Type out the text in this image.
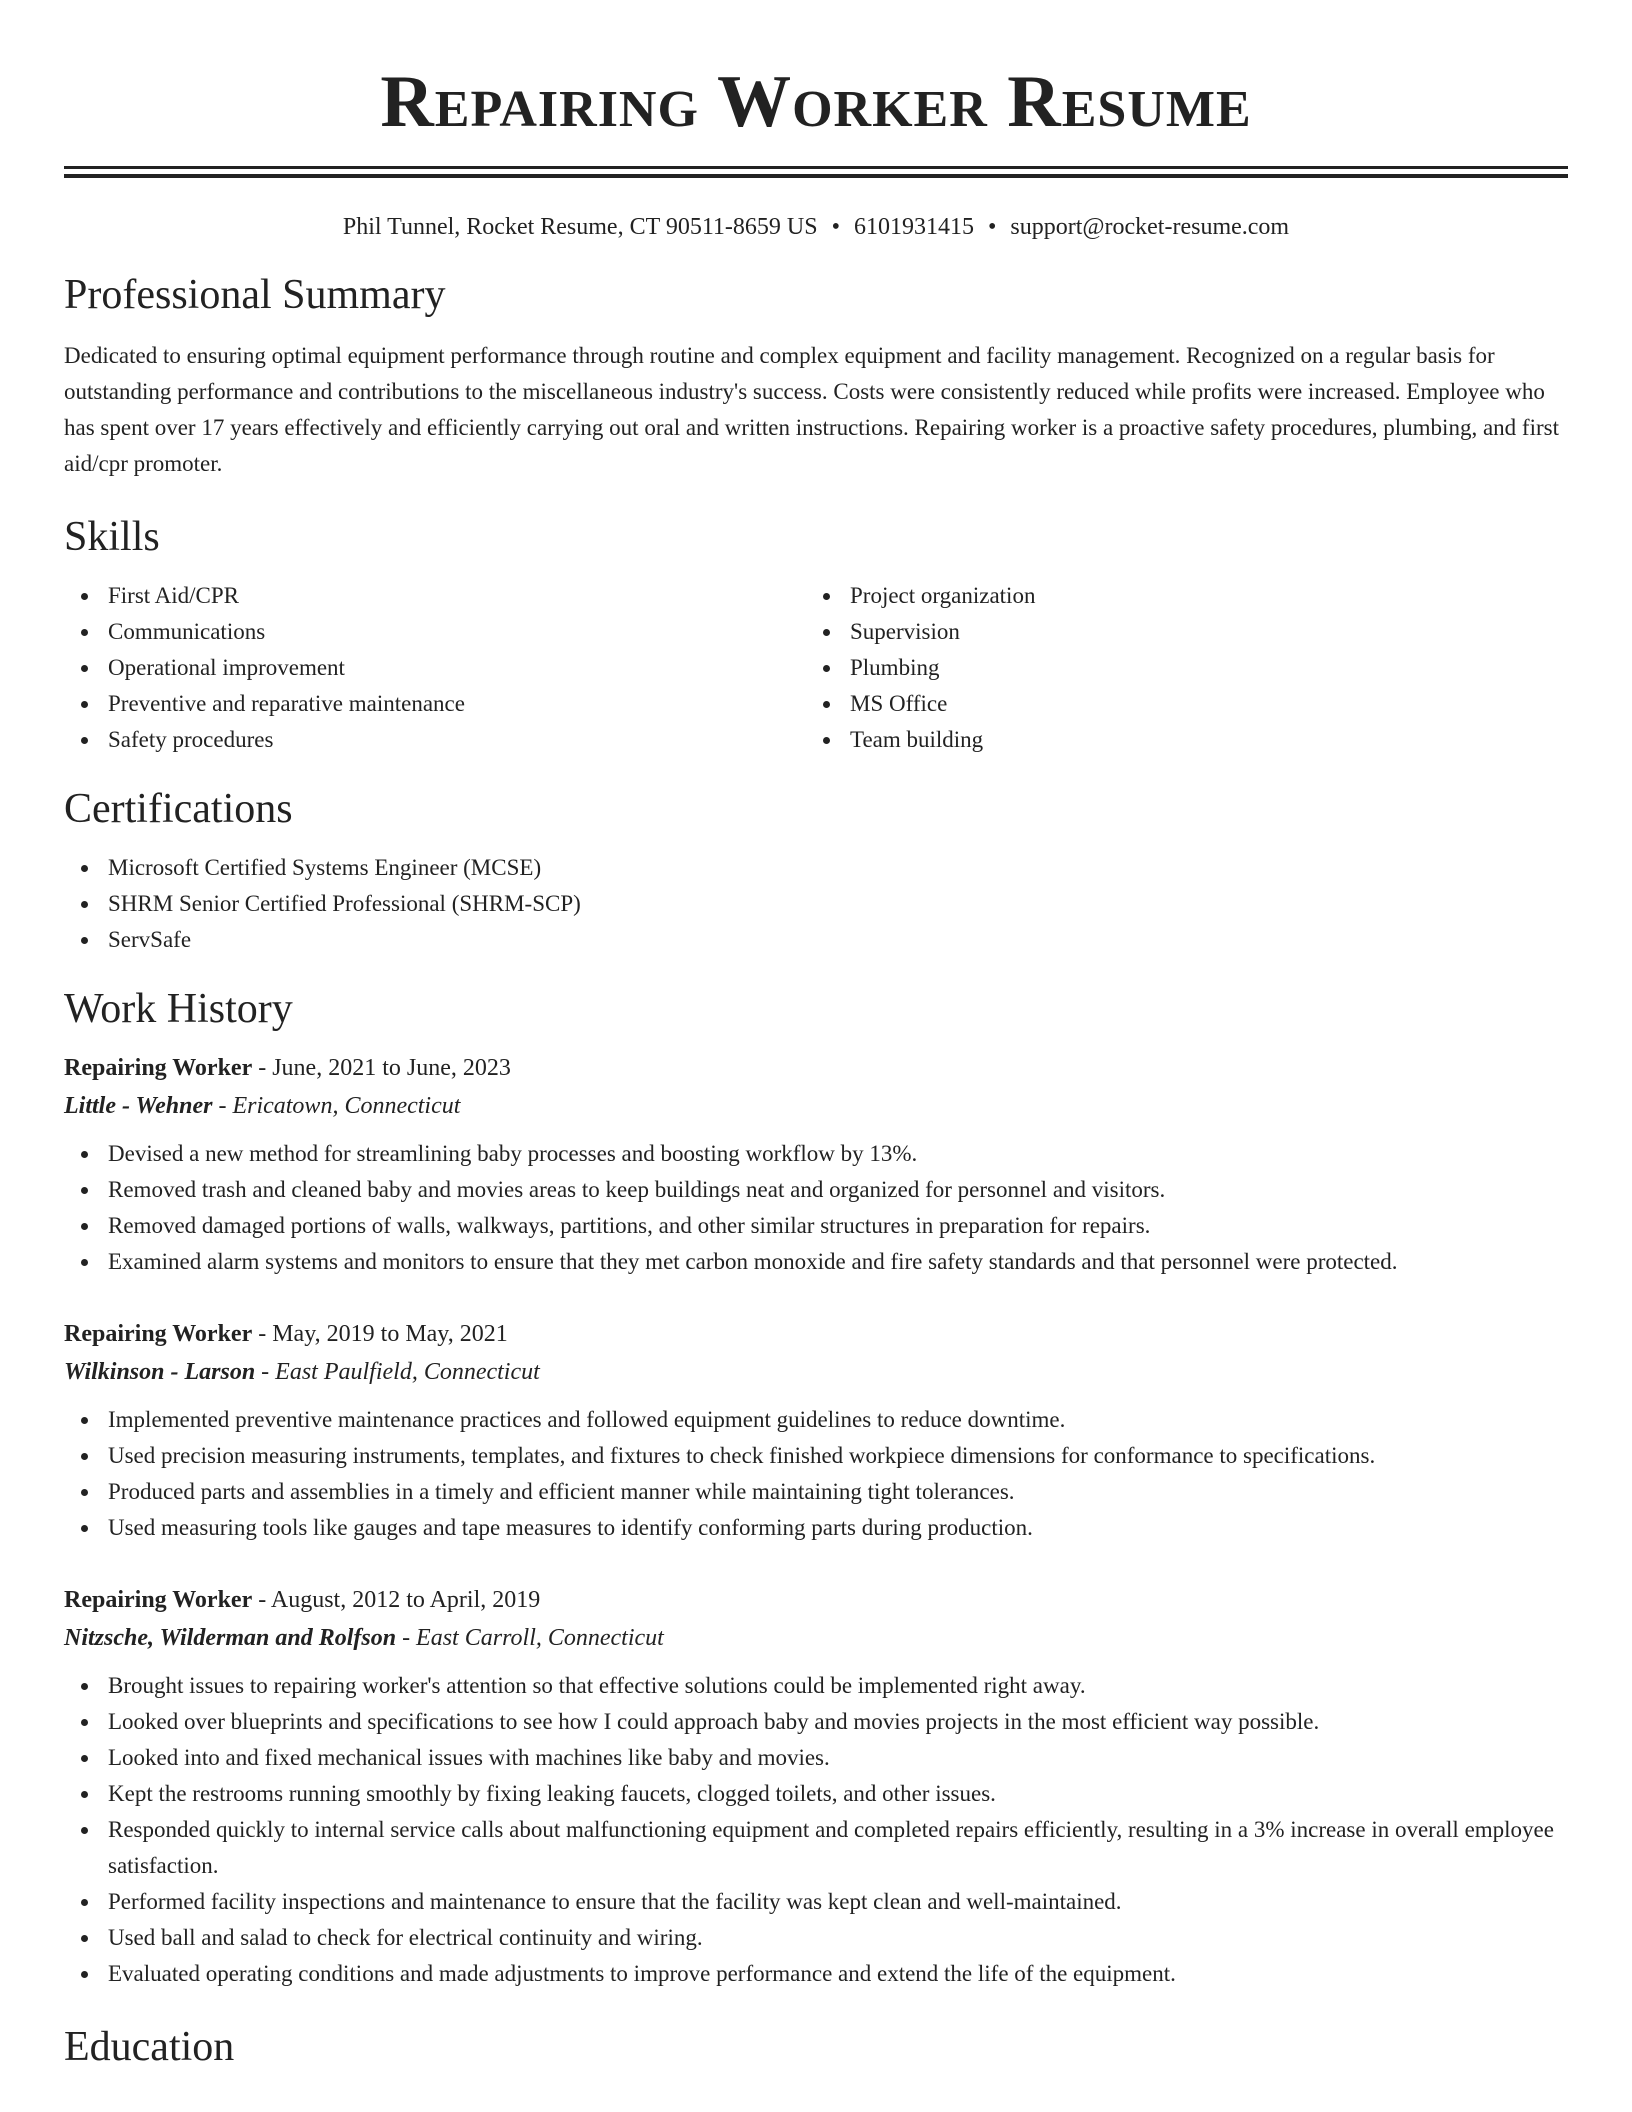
Repairing Worker Resume
Phil Tunnel, Rocket Resume, CT 90511-8659 US • 6101931415 • support@rocket-resume.com
Professional Summary

Dedicated to ensuring optimal equipment performance through routine and complex equipment and facility management. Recognized on a regular basis for outstanding performance and contributions to the miscellaneous industry's success. Costs were consistently reduced while profits were increased. Employee who has spent over 17 years effectively and efficiently carrying out oral and written instructions. Repairing worker is a proactive safety procedures, plumbing, and first aid/cpr promoter.

Skills
First Aid/CPR
Communications
Operational improvement
Preventive and reparative maintenance
Safety procedures
Project organization
Supervision
Plumbing
MS Office
Team building
Certifications
Microsoft Certified Systems Engineer (MCSE)
SHRM Senior Certified Professional (SHRM-SCP)
ServSafe
Work History
Repairing Worker - June, 2021 to June, 2023
Little - Wehner - Ericatown, Connecticut
Devised a new method for streamlining baby processes and boosting workflow by 13%.
Removed trash and cleaned baby and movies areas to keep buildings neat and organized for personnel and visitors.
Removed damaged portions of walls, walkways, partitions, and other similar structures in preparation for repairs.
Examined alarm systems and monitors to ensure that they met carbon monoxide and fire safety standards and that personnel were protected.
Repairing Worker - May, 2019 to May, 2021
Wilkinson - Larson - East Paulfield, Connecticut
Implemented preventive maintenance practices and followed equipment guidelines to reduce downtime.
Used precision measuring instruments, templates, and fixtures to check finished workpiece dimensions for conformance to specifications.
Produced parts and assemblies in a timely and efficient manner while maintaining tight tolerances.
Used measuring tools like gauges and tape measures to identify conforming parts during production.
Repairing Worker - August, 2012 to April, 2019
Nitzsche, Wilderman and Rolfson - East Carroll, Connecticut
Brought issues to repairing worker's attention so that effective solutions could be implemented right away.
Looked over blueprints and specifications to see how I could approach baby and movies projects in the most efficient way possible.
Looked into and fixed mechanical issues with machines like baby and movies.
Kept the restrooms running smoothly by fixing leaking faucets, clogged toilets, and other issues.
Responded quickly to internal service calls about malfunctioning equipment and completed repairs efficiently, resulting in a 3% increase in overall employee satisfaction.
Performed facility inspections and maintenance to ensure that the facility was kept clean and well-maintained.
Used ball and salad to check for electrical continuity and wiring.
Evaluated operating conditions and made adjustments to improve performance and extend the life of the equipment.
Education
